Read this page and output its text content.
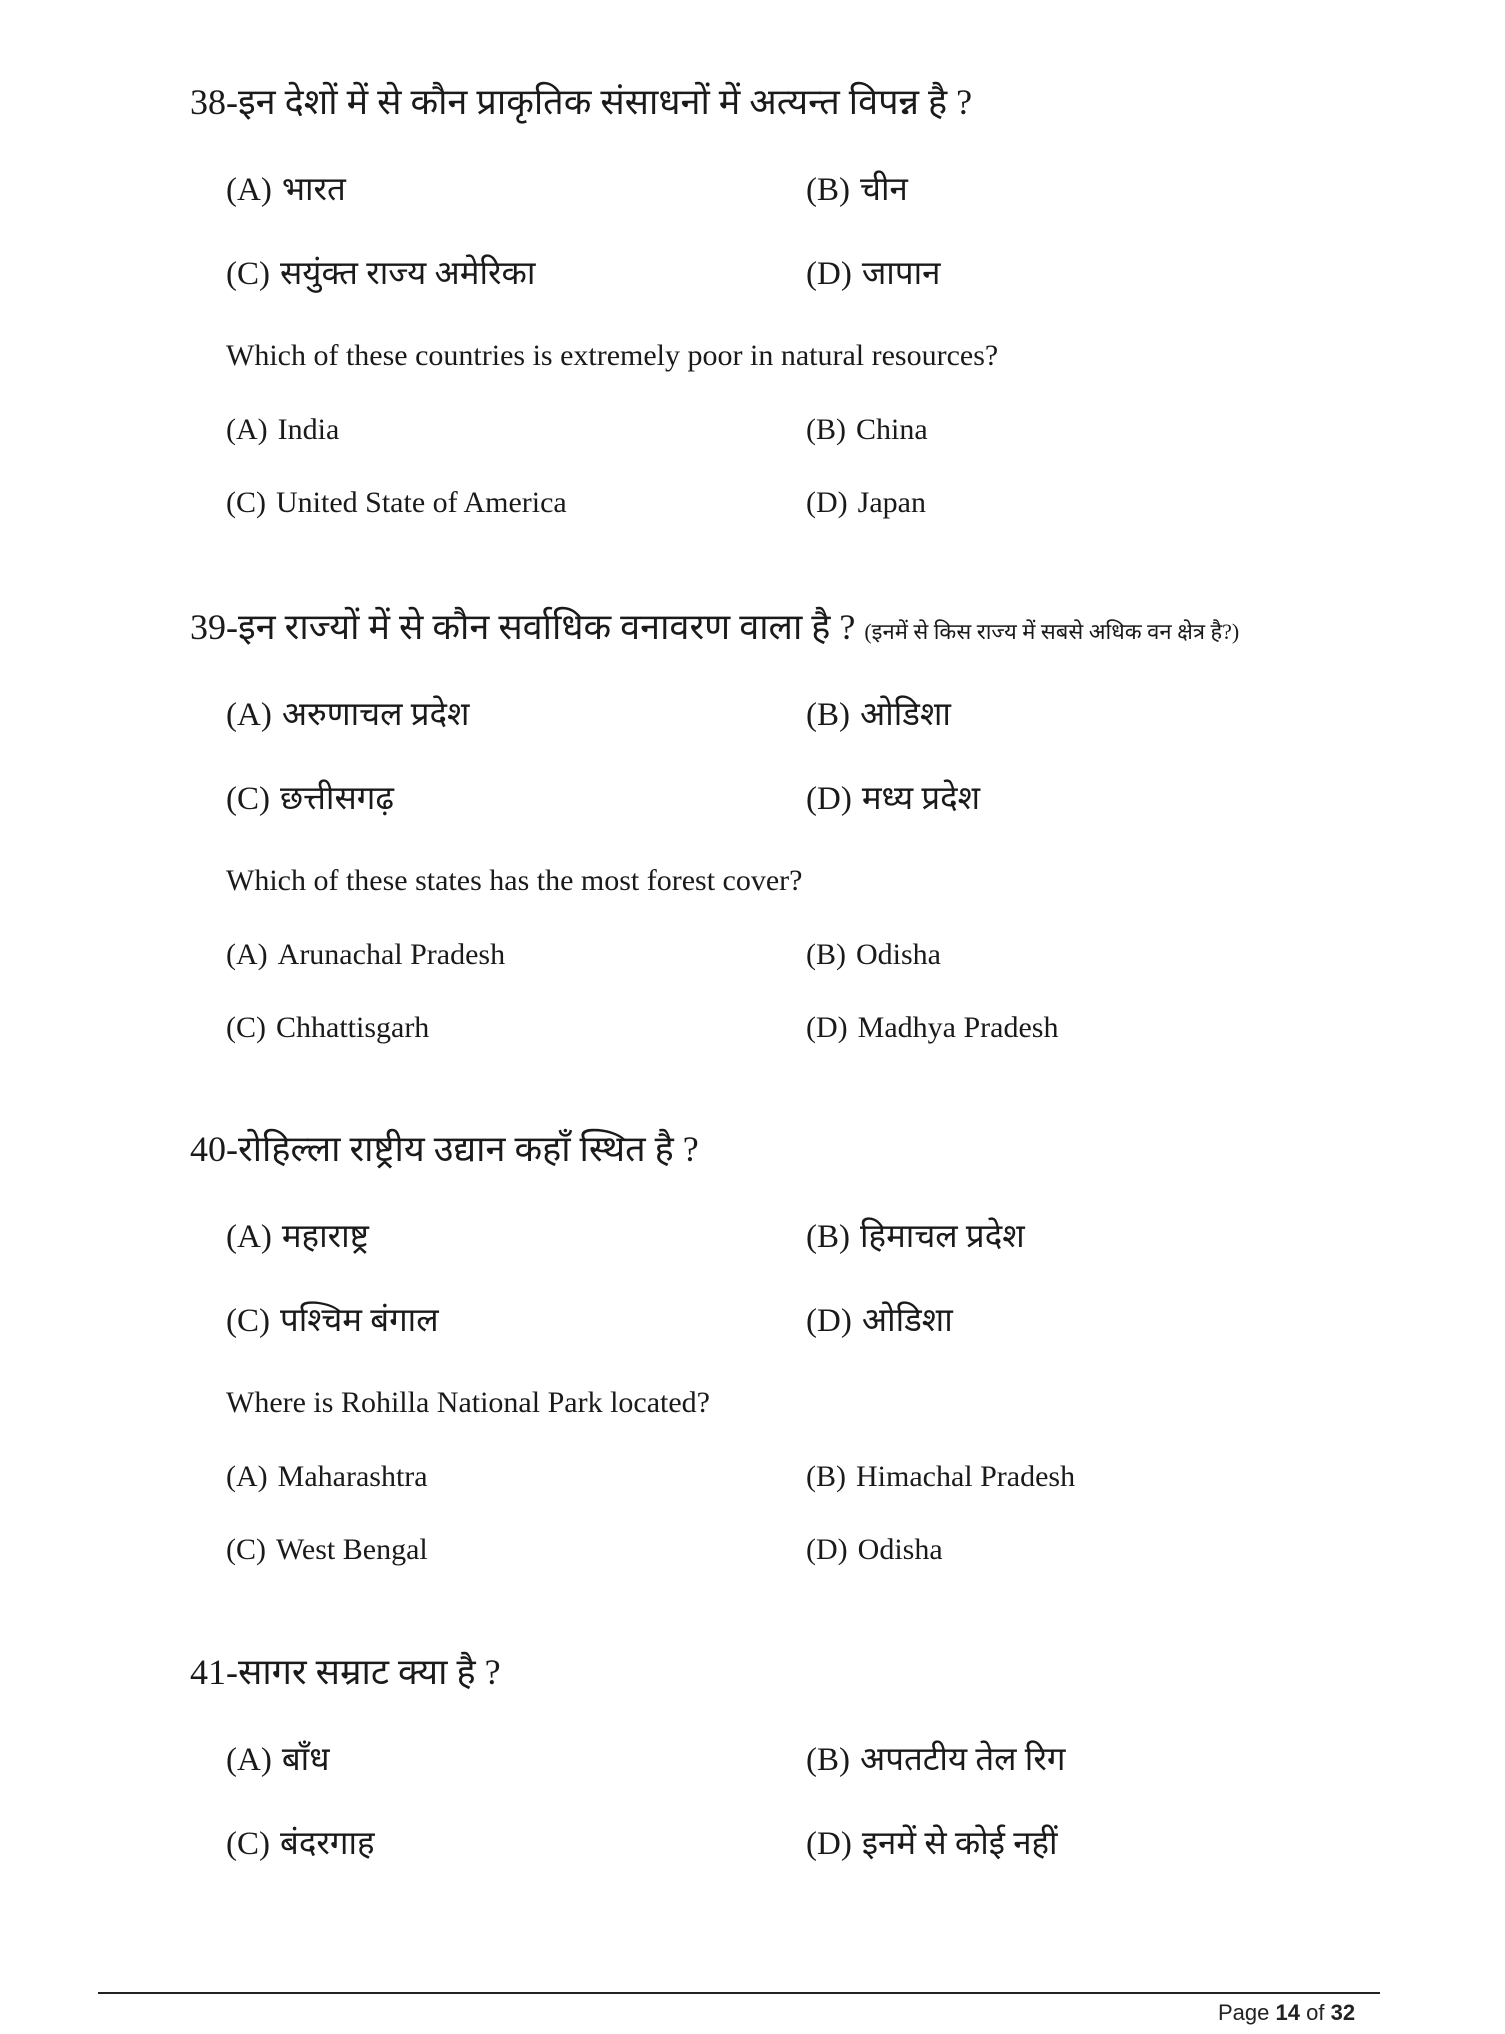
38-इन देशों में से कौन प्राकृतिक संसाधनों में अत्यन्त विपन्न है ?
(A) भारत	(B) चीन
(C) सयुंक्त राज्य अमेरिका	(D) जापान
Which of these countries is extremely poor in natural resources?
(A) India	(B) China
(C) United State of America	(D) Japan
39-इन राज्यों में से कौन सर्वाधिक वनावरण वाला है ? (इनमें से किस राज्य में सबसे अधिक वन क्षेत्र है?)
(A) अरुणाचल प्रदेश	(B) ओडिशा
(C) छत्तीसगढ़	(D) मध्य प्रदेश
Which of these states has the most forest cover?
(A) Arunachal Pradesh	(B) Odisha
(C) Chhattisgarh	(D) Madhya Pradesh
40-रोहिल्ला राष्ट्रीय उद्यान कहाँ स्थित है ?
(A) महाराष्ट्र	(B) हिमाचल प्रदेश
(C) पश्चिम बंगाल	(D) ओडिशा
Where is Rohilla National Park located?
(A) Maharashtra	(B) Himachal Pradesh
(C) West Bengal	(D) Odisha
41-सागर सम्राट क्या है ?
(A) बाँध	(B) अपतटीय तेल रिग
(C) बंदरगाह	(D) इनमें से कोई नहीं
Page 14 of 32
